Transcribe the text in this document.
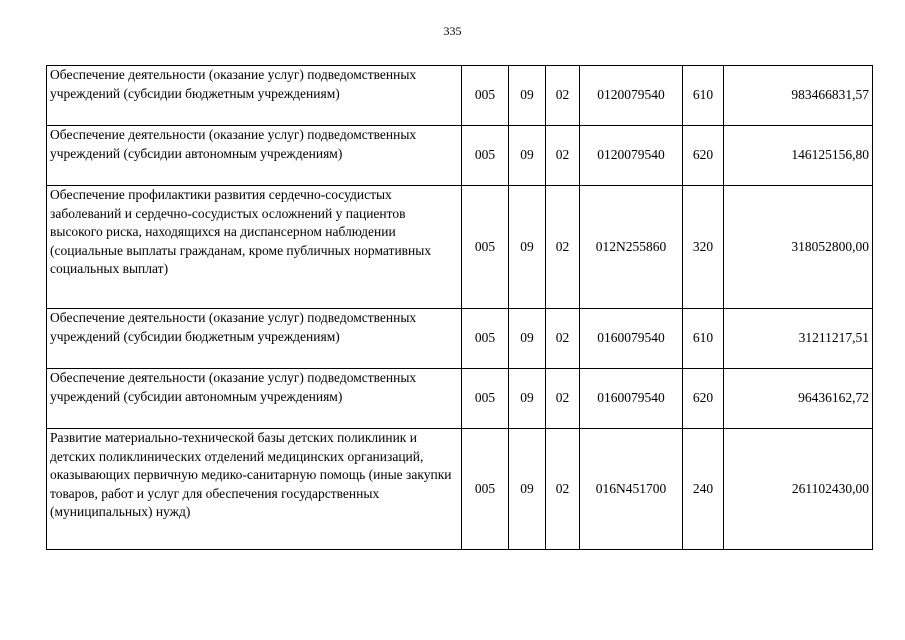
335
Обеспечение деятельности (оказание услуг) подведомственных учреждений (субсидии бюджетным учреждениям)	005	09	02	0120079540	610	983466831,57
Обеспечение деятельности (оказание услуг) подведомственных учреждений (субсидии автономным учреждениям)	005	09	02	0120079540	620	146125156,80
Обеспечение профилактики развития сердечно-сосудистых заболеваний и сердечно-сосудистых осложнений у пациентов высокого риска, находящихся на диспансерном наблюдении (социальные выплаты гражданам, кроме публичных нормативных социальных выплат)	005	09	02	012N255860	320	318052800,00
Обеспечение деятельности (оказание услуг) подведомственных учреждений (субсидии бюджетным учреждениям)	005	09	02	0160079540	610	31211217,51
Обеспечение деятельности (оказание услуг) подведомственных учреждений (субсидии автономным учреждениям)	005	09	02	0160079540	620	96436162,72
Развитие материально-технической базы детских поликлиник и детских поликлинических отделений медицинских организаций, оказывающих первичную медико-санитарную помощь (иные закупки товаров, работ и услуг для обеспечения государственных (муниципальных) нужд)	005	09	02	016N451700	240	261102430,00
